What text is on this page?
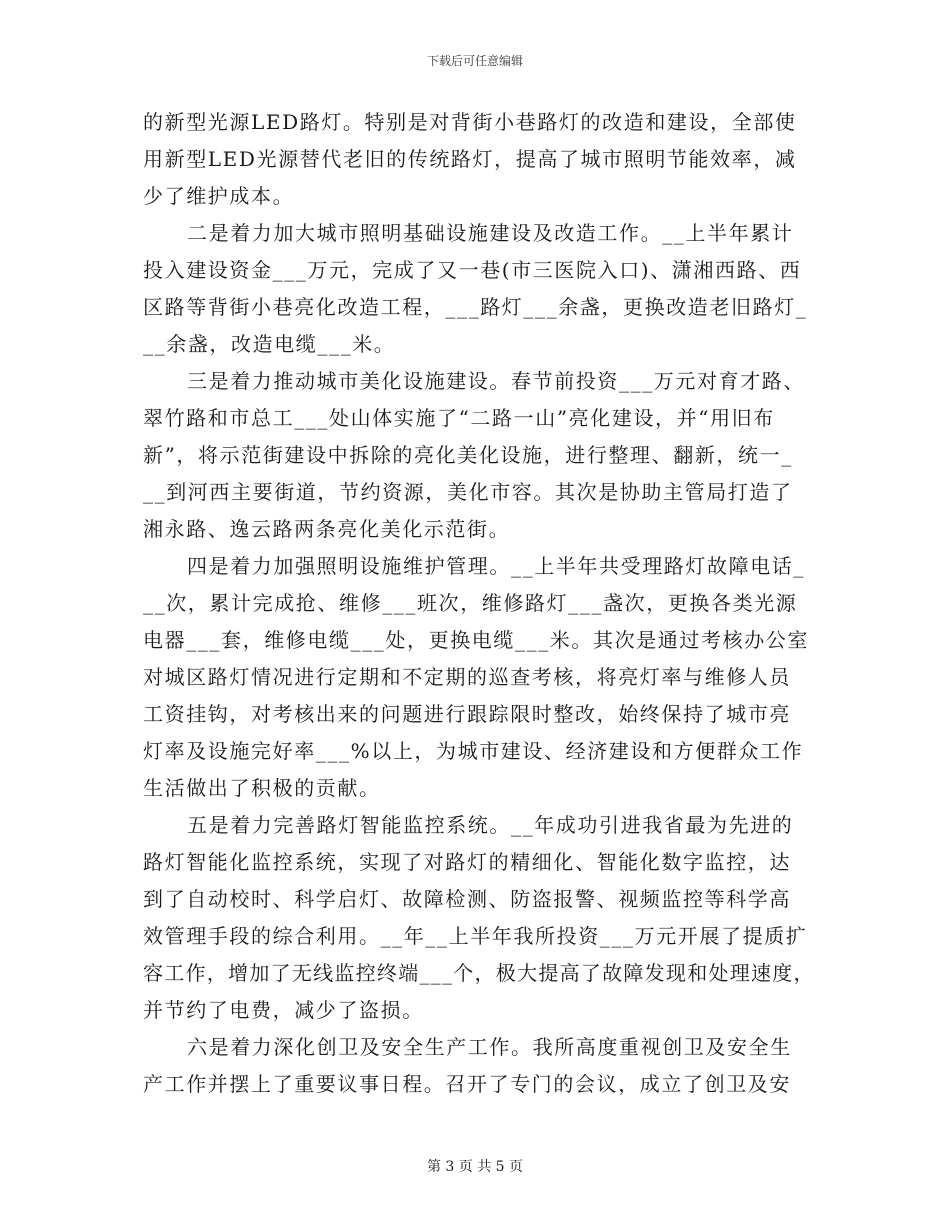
下载后可任意编辑
的新型光源LED路灯。特别是对背街小巷路灯的改造和建设，全部使
用新型LED光源替代老旧的传统路灯，提高了城市照明节能效率，减
少了维护成本。
二是着力加大城市照明基础设施建设及改造工作。__上半年累计
投入建设资金___万元，完成了又一巷(市三医院入口)、潇湘西路、西
区路等背街小巷亮化改造工程，___路灯___余盏，更换改造老旧路灯_
__余盏，改造电缆___米。
三是着力推动城市美化设施建设。春节前投资___万元对育才路、
翠竹路和市总工___处山体实施了“二路一山”亮化建设，并“用旧布
新”，将示范街建设中拆除的亮化美化设施，进行整理、翻新，统一_
__到河西主要街道，节约资源，美化市容。其次是协助主管局打造了
湘永路、逸云路两条亮化美化示范街。
四是着力加强照明设施维护管理。__上半年共受理路灯故障电话_
__次，累计完成抢、维修___班次，维修路灯___盏次，更换各类光源
电器___套，维修电缆___处，更换电缆___米。其次是通过考核办公室
对城区路灯情况进行定期和不定期的巡查考核，将亮灯率与维修人员
工资挂钩，对考核出来的问题进行跟踪限时整改，始终保持了城市亮
灯率及设施完好率___%以上，为城市建设、经济建设和方便群众工作
生活做出了积极的贡献。
五是着力完善路灯智能监控系统。__年成功引进我省最为先进的
路灯智能化监控系统，实现了对路灯的精细化、智能化数字监控，达
到了自动校时、科学启灯、故障检测、防盗报警、视频监控等科学高
效管理手段的综合利用。__年__上半年我所投资___万元开展了提质扩
容工作，增加了无线监控终端___个，极大提高了故障发现和处理速度，
并节约了电费，减少了盗损。
六是着力深化创卫及安全生产工作。我所高度重视创卫及安全生
产工作并摆上了重要议事日程。召开了专门的会议，成立了创卫及安
第 3 页 共 5 页
